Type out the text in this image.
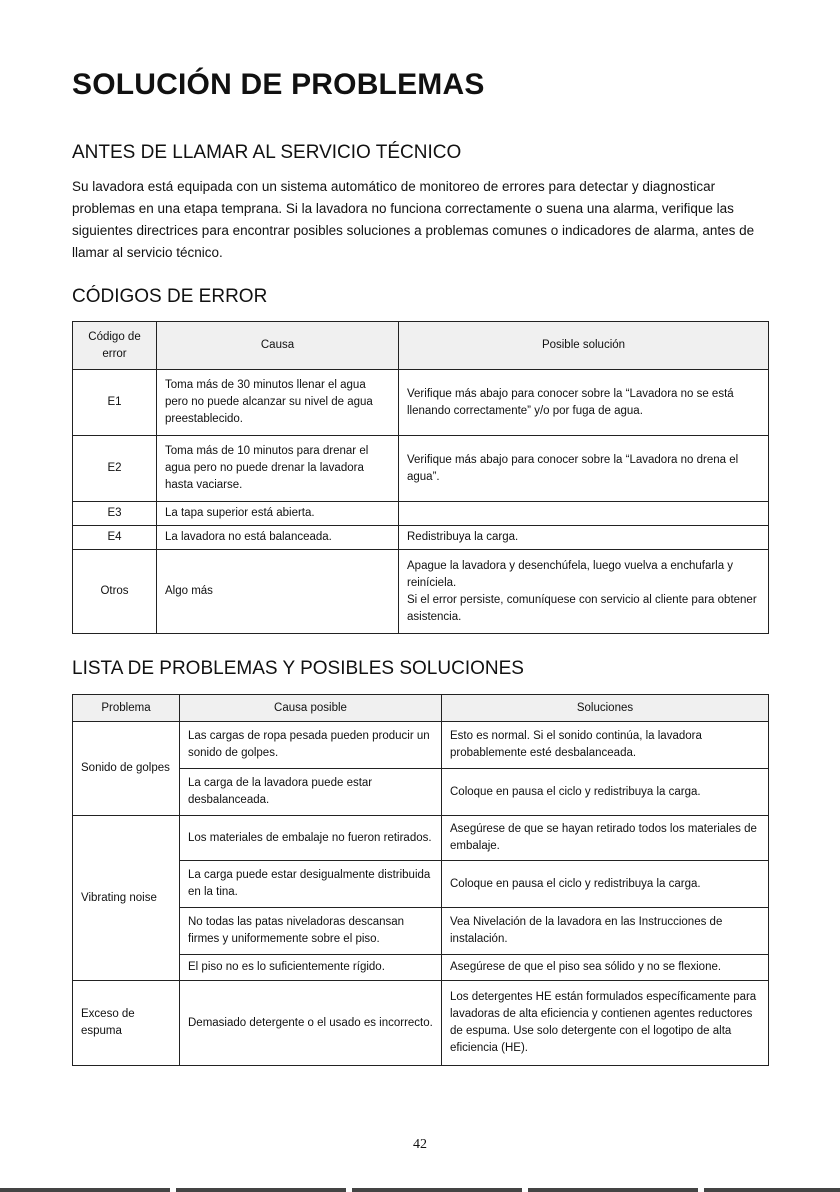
SOLUCIÓN DE PROBLEMAS
ANTES DE LLAMAR AL SERVICIO TÉCNICO

Su lavadora está equipada con un sistema automático de monitoreo de errores para detectar y diagnosticar problemas en una etapa temprana. Si la lavadora no funciona correctamente o suena una alarma, verifique las siguientes directrices para encontrar posibles soluciones a problemas comunes o indicadores de alarma, antes de llamar al servicio técnico.

CÓDIGOS DE ERROR
Código de error	Causa	Posible solución
E1	Toma más de 30 minutos llenar el agua pero no puede alcanzar su nivel de agua preestablecido.	Verifique más abajo para conocer sobre la “Lavadora no se está llenando correctamente” y/o por fuga de agua.
E2	Toma más de 10 minutos para drenar el agua pero no puede drenar la lavadora hasta vaciarse.	Verifique más abajo para conocer sobre la “Lavadora no drena el agua”.
E3	La tapa superior está abierta.	
E4	La lavadora no está balanceada.	Redistribuya la carga.
Otros	Algo más	Apague la lavadora y desenchúfela, luego vuelva a enchufarla y reiníciela.
Si el error persiste, comuníquese con servicio al cliente para obtener asistencia.
LISTA DE PROBLEMAS Y POSIBLES SOLUCIONES
Problema	Causa posible	Soluciones
Sonido de golpes	Las cargas de ropa pesada pueden producir un sonido de golpes.	Esto es normal. Si el sonido continúa, la lavadora probablemente esté desbalanceada.
	La carga de la lavadora puede estar desbalanceada.	Coloque en pausa el ciclo y redistribuya la carga.
Vibrating noise	Los materiales de embalaje no fueron retirados.	Asegúrese de que se hayan retirado todos los materiales de embalaje.
	La carga puede estar desigualmente distribuida en la tina.	Coloque en pausa el ciclo y redistribuya la carga.
	No todas las patas niveladoras descansan firmes y uniformemente sobre el piso.	Vea Nivelación de la lavadora en las Instrucciones de instalación.
	El piso no es lo suficientemente rígido.	Asegúrese de que el piso sea sólido y no se flexione.
Exceso de espuma	Demasiado detergente o el usado es incorrecto.	Los detergentes HE están formulados específicamente para lavadoras de alta eficiencia y contienen agentes reductores de espuma. Use solo detergente con el logotipo de alta eficiencia (HE).
42
